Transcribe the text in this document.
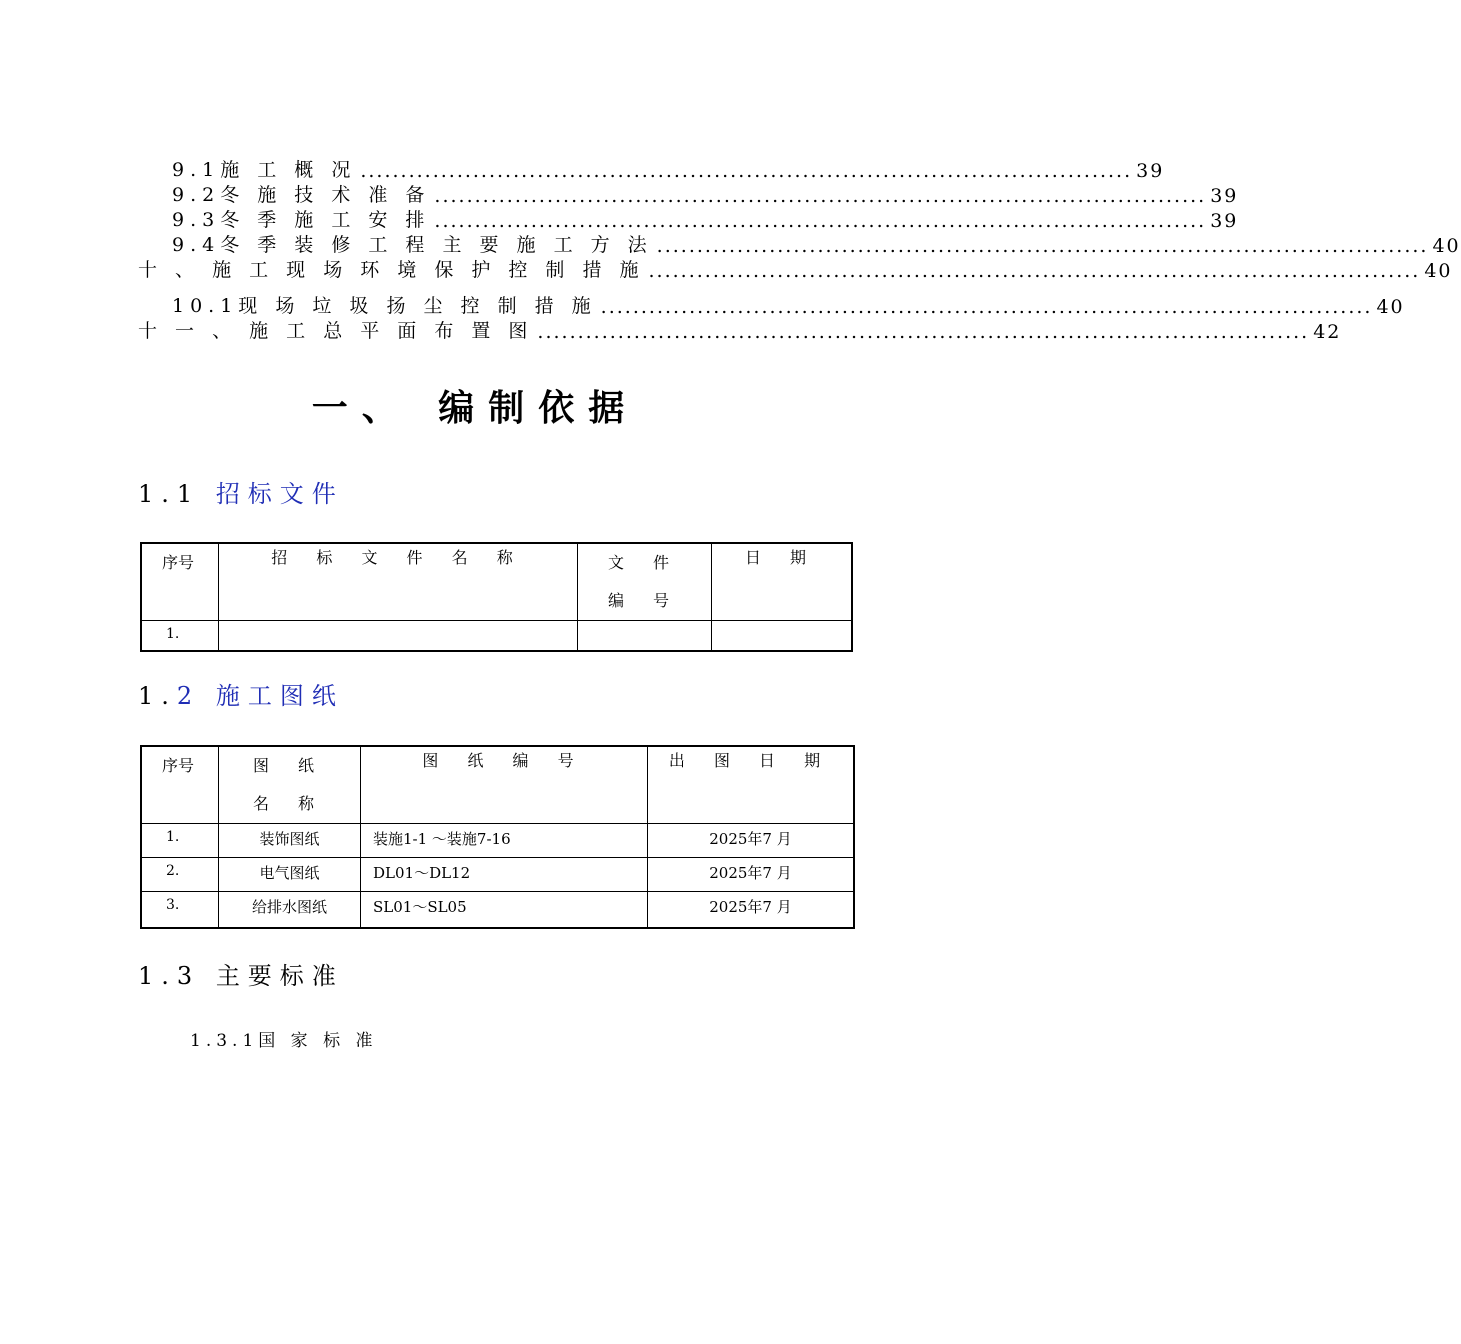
9.1施 工 概 况 ................................................................................................ 39
9.2冬 施 技 术 准 备 ................................................................................................ 39
9.3冬 季 施 工 安 排 ................................................................................................ 39
9.4冬 季 装 修 工 程 主 要 施 工 方 法 ................................................................................................ 40
十 、 施 工 现 场 环 境 保 护 控 制 措 施 ................................................................................................ 40
10.1现 场 垃 圾 扬 尘 控 制 措 施 ................................................................................................ 40
十 一 、 施 工 总 平 面 布 置 图 ................................................................................................ 42
一、 编制依据
1.1 招标文件
序号	招 标 文 件 名 称	文 件 编 号	日 期

1.			
1.2 施工图纸
序号	图 纸 名 称	图 纸 编 号	出 图 日 期

1.	装饰图纸	装施1-1 ～装施7-16	2025年7 月
2.	电气图纸	DL01～DL12	2025年7 月
3.	给排水图纸	SL01～SL05	2025年7 月
1.3 主要标准
1.3.1国 家 标 准
